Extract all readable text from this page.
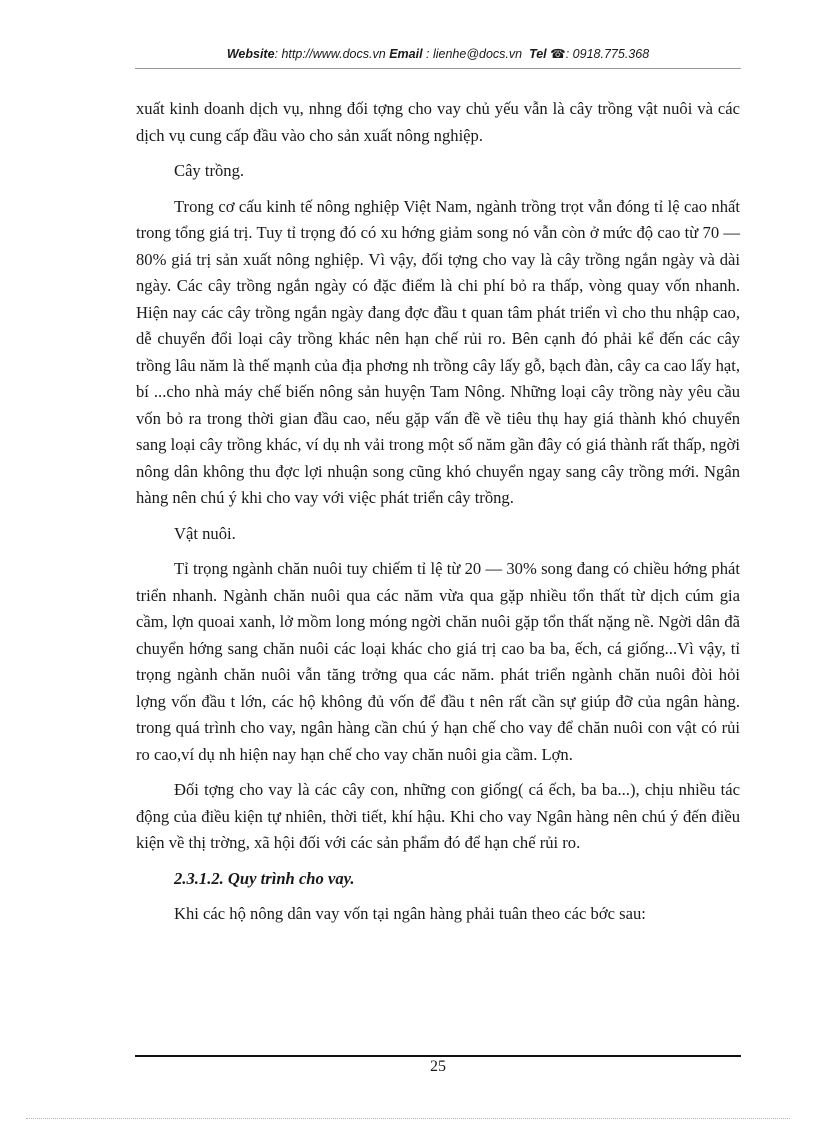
Website: http://www.docs.vn Email : lienhe@docs.vn Tel ☎: 0918.775.368

xuất kinh doanh dịch vụ, nhng đối tợng cho vay chủ yếu vẫn là cây trồng vật nuôi và các dịch vụ cung cấp đầu vào cho sản xuất nông nghiệp.

Cây trồng.

Trong cơ cấu kinh tế nông nghiệp Việt Nam, ngành trồng trọt vẫn đóng tỉ lệ cao nhất trong tổng giá trị. Tuy tỉ trọng đó có xu hớng giảm song nó vẫn còn ở mức độ cao từ 70 — 80% giá trị sản xuất nông nghiệp. Vì vậy, đối tợng cho vay là cây trồng ngắn ngày và dài ngày. Các cây trồng ngắn ngày có đặc điểm là chi phí bỏ ra thấp, vòng quay vốn nhanh. Hiện nay các cây trồng ngắn ngày đang đợc đầu t quan tâm phát triển vì cho thu nhập cao, dễ chuyển đổi loại cây trồng khác nên hạn chế rủi ro. Bên cạnh đó phải kể đến các cây trồng lâu năm là thế mạnh của địa phơng nh trồng cây lấy gỗ, bạch đàn, cây ca cao lấy hạt, bí ...cho nhà máy chế biến nông sản huyện Tam Nông. Những loại cây trồng này yêu cầu vốn bỏ ra trong thời gian đầu cao, nếu gặp vấn đề về tiêu thụ hay giá thành khó chuyển sang loại cây trồng khác, ví dụ nh vải trong một số năm gần đây có giá thành rất thấp, ngời nông dân không thu đợc lợi nhuận song cũng khó chuyển ngay sang cây trồng mới. Ngân hàng nên chú ý khi cho vay với việc phát triển cây trồng.

Vật nuôi.

Tỉ trọng ngành chăn nuôi tuy chiếm tỉ lệ từ 20 — 30% song đang có chiều hớng phát triển nhanh. Ngành chăn nuôi qua các năm vừa qua gặp nhiều tổn thất từ dịch cúm gia cầm, lợn quoai xanh, lở mồm long móng ngời chăn nuôi gặp tổn thất nặng nề. Ngời dân đã chuyển hớng sang chăn nuôi các loại khác cho giá trị cao ba ba, ếch, cá giống...Vì vậy, tỉ trọng ngành chăn nuôi vẫn tăng trởng qua các năm. phát triển ngành chăn nuôi đòi hỏi lợng vốn đầu t lớn, các hộ không đủ vốn để đầu t nên rất cần sự giúp đỡ của ngân hàng. trong quá trình cho vay, ngân hàng cần chú ý hạn chế cho vay để chăn nuôi con vật có rủi ro cao,ví dụ nh hiện nay hạn chế cho vay chăn nuôi gia cầm. Lợn.

Đối tợng cho vay là các cây con, những con giống( cá ếch, ba ba...), chịu nhiều tác động của điều kiện tự nhiên, thời tiết, khí hậu. Khi cho vay Ngân hàng nên chú ý đến điều kiện về thị trờng, xã hội đối với các sản phẩm đó để hạn chế rủi ro.

2.3.1.2. Quy trình cho vay.

Khi các hộ nông dân vay vốn tại ngân hàng phải tuân theo các bớc sau:

25
